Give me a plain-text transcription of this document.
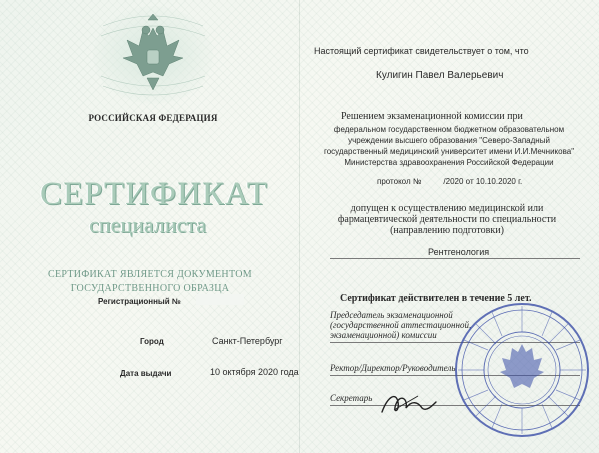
РОССИЙСКАЯ ФЕДЕРАЦИЯ
СЕРТИФИКАТ
специалиста
СЕРТИФИКАТ ЯВЛЯЕТСЯ ДОКУМЕНТОМ ГОСУДАРСТВЕННОГО ОБРАЗЦА
Регистрационный №
Город	Санкт-Петербург
Дата выдачи	10 октября 2020 года
Настоящий сертификат свидетельствует о том, что
Кулигин Павел Валерьевич
Решением экзаменационной комиссии при
федеральном государственном бюджетном образовательном учреждении высшего образования "Северо-Западный государственный медицинский университет имени И.И.Мечникова" Министерства здравоохранения Российской Федерации
протокол №	/2020 от 10.10.2020 г.
допущен к осуществлению медицинской или фармацевтической деятельности по специальности (направлению подготовки)
Рентгенология
Сертификат действителен в течение 5 лет.
Председатель экзаменационной (государственной аттестационной, экзаменационной) комиссии
Ректор/Директор/Руководитель
Секретарь
